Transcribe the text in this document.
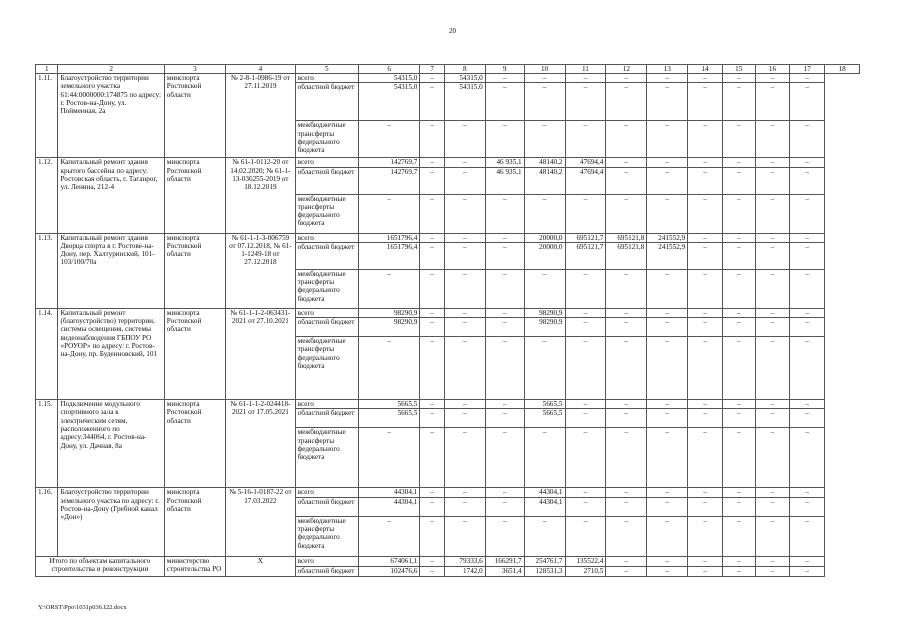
20
1	2	3	4	5	6	7	8	9	10	11	12	13	14	15	16	17	18
1.11.	Благоустройство территории земельного участка 61:44:0000000:174875 по адресу: г. Ростов-на-Дону, ул. Пойменная, 2а	минспорта Ростовской области	№ 2-8-1-0986-19 от 27.11.2019	всего	54315,0	–	54315,0	–	–	–	–	–	–	–	–	–	
				областной бюджет	54315,0	–	54315,0	–	–	–	–	–	–	–	–	–	
				межбюджетные трансферты федерального бюджета	–	–	–	–	–	–	–	–	–	–	–	–	
1.12.	Капитальный ремонт здания крытого бассейна по адресу: Ростовская область, г. Таганрог, ул. Ленина, 212-4	минспорта Ростовской области	№ 61-1-0112-20 от 14.02.2020; № 61-1-13-036255-2019 от 18.12.2019	всего	142769,7	–	–	46 935,1	48140,2	47694,4	–	–	–	–	–	–	
				областной бюджет	142769,7	–	–	46 935,1	48140,2	47694,4	–	–	–	–	–	–	
				межбюджетные трансферты федерального бюджета	–	–	–	–	–	–	–	–	–	–	–	–	
1.13.	Капитальный ремонт здания Дворца спорта в г. Ростове-на-Дону, пер. Халтуринский, 101-103/100/70а	минспорта Ростовской области	№ 61-1-1-3-006759 от 07.12.2018, № 61-1-1249-18 от 27.12.2018	всего	1651796,4	–	–	–	20000,0	695121,7	695121,8	241552,9	–	–	–	–	
				областной бюджет	1651796,4	–	–	–	20000,0	695121,7	695121,8	241552,9	–	–	–	–	
				межбюджетные трансферты федерального бюджета	–	–	–	–	–	–	–	–	–	–	–	–	
1.14.	Капитальный ремонт (благоустройство) территории, системы освещения, системы видеонаблюдения ГБПОУ РО «РОУОР» по адресу: г. Ростов-на-Дону, пр. Буденновский, 101	минспорта Ростовской области	№ 61-1-1-2-063431-2021 от 27.10.2021	всего	98290,9	–	–	–	98290,9	–	–	–	–	–	–	–	
				областной бюджет	98290,9	–	–	–	98290,9	–	–	–	–	–	–	–	
				межбюджетные трансферты федерального бюджета	–	–	–	–	–	–	–	–	–	–	–	–	
1.15.	Подключение модульного спортивного зала к электрическим сетям, расположенного по адресу:344064, г. Ростов-на-Дону, ул. Дачная, 8а	минспорта Ростовской области	№ 61-1-1-2-024418-2021 от 17.05.2021	всего	5665,5	–	–	–	5665,5	–	–	–	–	–	–	–	
				областной бюджет	5665,5	–	–	–	5665,5	–	–	–	–	–	–	–	
				межбюджетные трансферты федерального бюджета	–	–	–	–	–	–	–	–	–	–	–	–	
1.16.	Благоустройство территории земельного участка по адресу: г. Ростов-на-Дону (Гребной канал «Дон»)	минспорта Ростовской области	№ 5-16-1-0187-22 от 17.03.2022	всего	44304,1	–	–	–	44304,1	–	–	–	–	–	–	–	
				областной бюджет	44304,1	–	–	–	44304,1	–	–	–	–	–	–	–	
				межбюджетные трансферты федерального бюджета	–	–	–	–	–	–	–	–	–	–	–	–	
Итого по объектам капитального строительства и реконструкции		министерство строительства РО	X	всего	674061,1	–	79333,6	166291,7	254761,7	135522,4	–	–	–	–	–	–	
				областной бюджет	102476,6	–	1742,0	3651,4	128531,3	2710,5	–	–	–	–	–	–	
Y:\ORST\Ppo\1031p036.f22.docx
